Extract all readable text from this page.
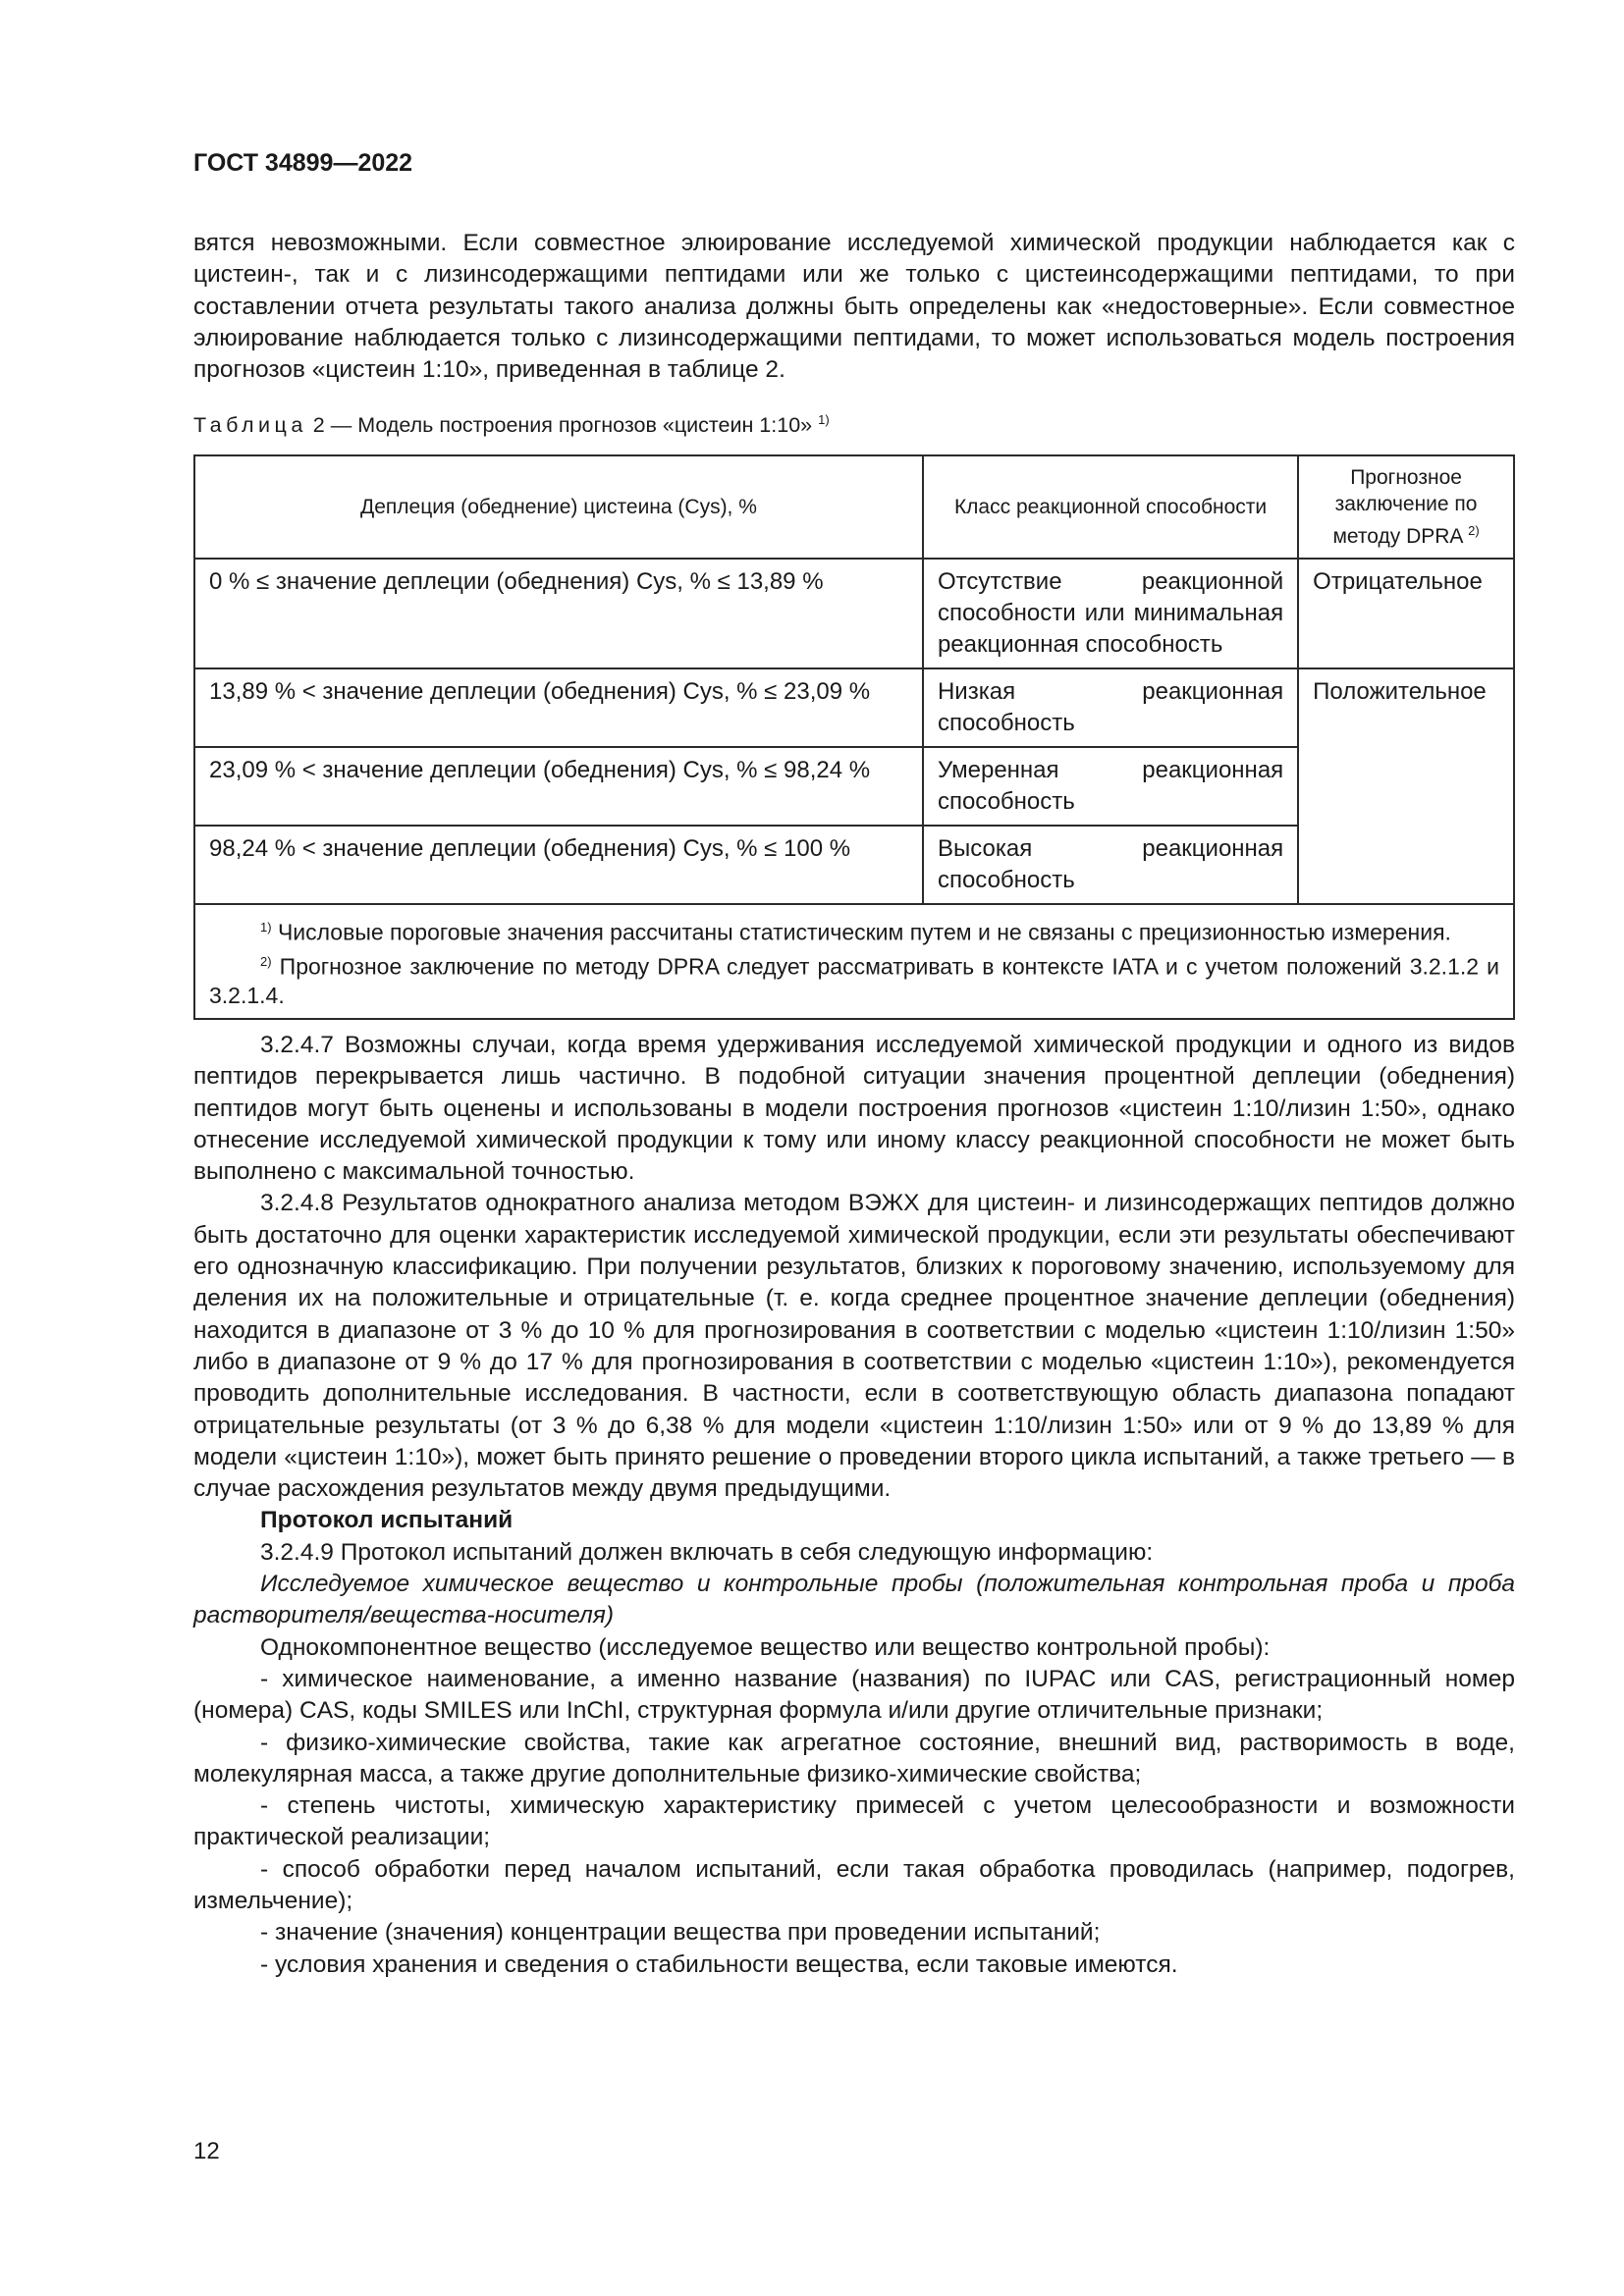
ГОСТ 34899—2022
вятся невозможными. Если совместное элюирование исследуемой химической продукции наблюдается как с цистеин-, так и с лизинсодержащими пептидами или же только с цистеинсодержащими пептидами, то при составлении отчета результаты такого анализа должны быть определены как «недостоверные». Если совместное элюирование наблюдается только с лизинсодержащими пептидами, то может использоваться модель построения прогнозов «цистеин 1:10», приведенная в таблице 2.
Таблица 2 — Модель построения прогнозов «цистеин 1:10» $^{1)}$
Деплеция (обеднение) цистеина (Cys), %	Класс реакционной способности	Прогнозное заключение по методу DPRA $^{2)}$
0 % ≤ значение деплеции (обеднения) Cys, % ≤ 13,89 %	Отсутствие реакционной способности или минимальная реакционная способность	Отрицательное
13,89 % < значение деплеции (обеднения) Cys, % ≤ 23,09 %	Низкая реакционная способность	Положительное
23,09 % < значение деплеции (обеднения) Cys, % ≤ 98,24 %	Умеренная реакционная способность	
98,24 % < значение деплеции (обеднения) Cys, % ≤ 100 %	Высокая реакционная способность	

$^{1)}$ Числовые пороговые значения рассчитаны статистическим путем и не связаны с прецизионностью измерения.
$^{2)}$ Прогнозное заключение по методу DPRA следует рассматривать в контексте IATA и с учетом положений 3.2.1.2 и 3.2.1.4.		

3.2.4.7 Возможны случаи, когда время удерживания исследуемой химической продукции и одного из видов пептидов перекрывается лишь частично. В подобной ситуации значения процентной деплеции (обеднения) пептидов могут быть оценены и использованы в модели построения прогнозов «цистеин 1:10/лизин 1:50», однако отнесение исследуемой химической продукции к тому или иному классу реакционной способности не может быть выполнено с максимальной точностью.

3.2.4.8 Результатов однократного анализа методом ВЭЖХ для цистеин- и лизинсодержащих пептидов должно быть достаточно для оценки характеристик исследуемой химической продукции, если эти результаты обеспечивают его однозначную классификацию. При получении результатов, близких к пороговому значению, используемому для деления их на положительные и отрицательные (т. е. когда среднее процентное значение деплеции (обеднения) находится в диапазоне от 3 % до 10 % для прогнозирования в соответствии с моделью «цистеин 1:10/лизин 1:50» либо в диапазоне от 9 % до 17 % для прогнозирования в соответствии с моделью «цистеин 1:10»), рекомендуется проводить дополнительные исследования. В частности, если в соответствующую область диапазона попадают отрицательные результаты (от 3 % до 6,38 % для модели «цистеин 1:10/лизин 1:50» или от 9 % до 13,89 % для модели «цистеин 1:10»), может быть принято решение о проведении второго цикла испытаний, а также третьего — в случае расхождения результатов между двумя предыдущими.

Протокол испытаний

3.2.4.9 Протокол испытаний должен включать в себя следующую информацию:

Исследуемое химическое вещество и контрольные пробы (положительная контрольная проба и проба растворителя/вещества-носителя)

Однокомпонентное вещество (исследуемое вещество или вещество контрольной пробы):

- химическое наименование, а именно название (названия) по IUPAC или CAS, регистрационный номер (номера) CAS, коды SMILES или InChI, структурная формула и/или другие отличительные признаки;

- физико-химические свойства, такие как агрегатное состояние, внешний вид, растворимость в воде, молекулярная масса, а также другие дополнительные физико-химические свойства;

- степень чистоты, химическую характеристику примесей с учетом целесообразности и возможности практической реализации;

- способ обработки перед началом испытаний, если такая обработка проводилась (например, подогрев, измельчение);

- значение (значения) концентрации вещества при проведении испытаний;

- условия хранения и сведения о стабильности вещества, если таковые имеются.

12
